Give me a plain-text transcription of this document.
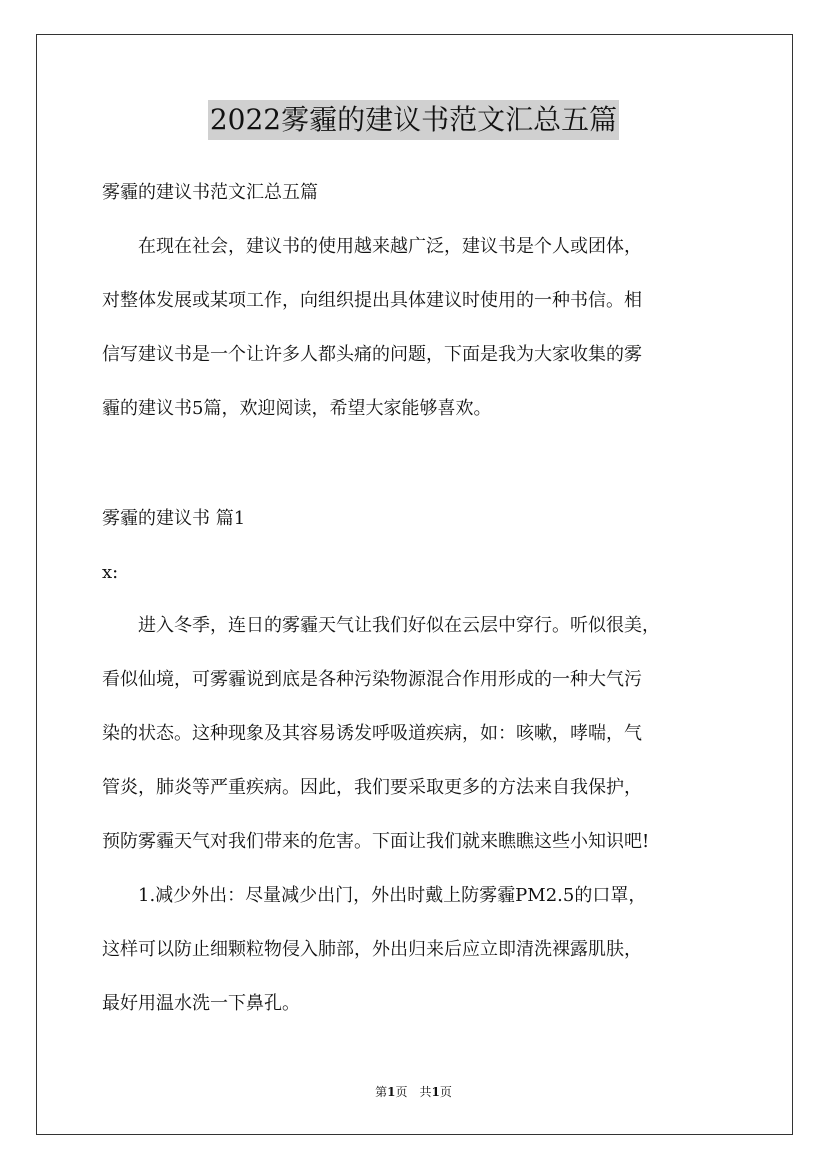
2022雾霾的建议书范文汇总五篇
雾霾的建议书范文汇总五篇
　　在现在社会，建议书的使用越来越广泛，建议书是个人或团体，
对整体发展或某项工作，向组织提出具体建议时使用的一种书信。相
信写建议书是一个让许多人都头痛的问题，下面是我为大家收集的雾
霾的建议书5篇，欢迎阅读，希望大家能够喜欢。
雾霾的建议书 篇1
x:
　　进入冬季，连日的雾霾天气让我们好似在云层中穿行。听似很美，
看似仙境，可雾霾说到底是各种污染物源混合作用形成的一种大气污
染的状态。这种现象及其容易诱发呼吸道疾病，如：咳嗽，哮喘，气
管炎，肺炎等严重疾病。因此，我们要采取更多的方法来自我保护，
预防雾霾天气对我们带来的危害。下面让我们就来瞧瞧这些小知识吧!
　　1.减少外出：尽量减少出门，外出时戴上防雾霾PM2.5的口罩，
这样可以防止细颗粒物侵入肺部，外出归来后应立即清洗裸露肌肤，
最好用温水洗一下鼻孔。
第1页　共1页
